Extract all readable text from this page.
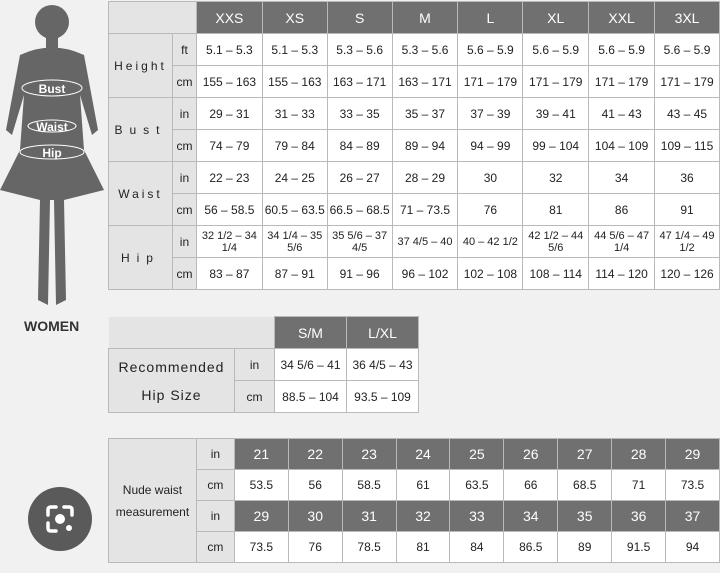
Bust
Waist
Hip
WOMEN
		XXS	XS	S	M	L	XL	XXL	3XL
Height	ft	5.1 – 5.3	5.1 – 5.3	5.3 – 5.6	5.3 – 5.6	5.6 – 5.9	5.6 – 5.9	5.6 – 5.9	5.6 – 5.9
	cm	155 – 163	155 – 163	163 – 171	163 – 171	171 – 179	171 – 179	171 – 179	171 – 179
Bust	in	29 – 31	31 – 33	33 – 35	35 – 37	37 – 39	39 – 41	41 – 43	43 – 45
	cm	74 – 79	79 – 84	84 – 89	89 – 94	94 – 99	99 – 104	104 – 109	109 – 115
Waist	in	22 – 23	24 – 25	26 – 27	28 – 29	30	32	34	36
	cm	56 – 58.5	60.5 – 63.5	66.5 – 68.5	71 – 73.5	76	81	86	91
Hip	in	32 1/2 – 34 1/4	34 1/4 – 35 5/6	35 5/6 – 37 4/5	37 4/5 – 40	40 – 42 1/2	42 1/2 – 44 5/6	44 5/6 – 47 1/4	47 1/4 – 49 1/2
	cm	83 – 87	87 – 91	91 – 96	96 – 102	102 – 108	108 – 114	114 – 120	120 – 126
		S/M	L/XL
Recommended Hip Size	in	34 5/6 – 41	36 4/5 – 43
	cm	88.5 – 104	93.5 – 109
Nude waist measurement	in	21	22	23	24	25	26	27	28	29
	cm	53.5	56	58.5	61	63.5	66	68.5	71	73.5
	in	29	30	31	32	33	34	35	36	37
	cm	73.5	76	78.5	81	84	86.5	89	91.5	94
